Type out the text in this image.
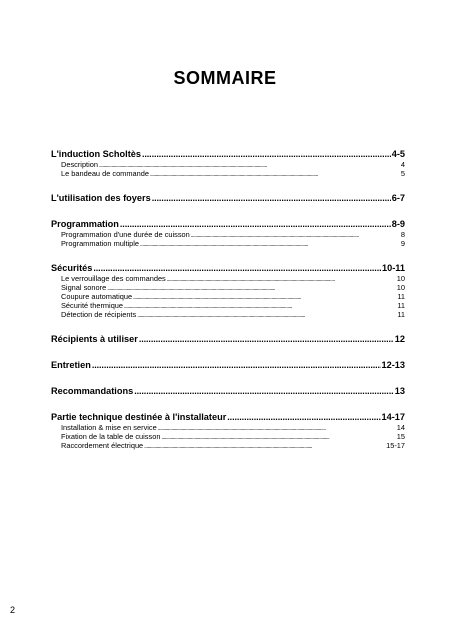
SOMMAIRE
L'induction Scholtès . . .	4-5
Description . . .	4
Le bandeau de commande . . .	5
L'utilisation des foyers . . .	6-7
Programmation . . .	8-9
Programmation d'une durée de cuisson . . .	8
Programmation multiple . . .	9
Sécurités . . .	10-11
Le verrouillage des commandes . . .	10
Signal sonore . . .	10
Coupure automatique . . .	11
Sécurité thermique . . .	11
Détection de récipients . . .	11
Récipients à utiliser . . .	12
Entretien . . .	12-13
Recommandations . . .	13
Partie technique destinée à l'installateur . . .	14-17
Installation & mise en service . . .	14
Fixation de la table de cuisson . . .	15
Raccordement électrique . . .	15-17
2
